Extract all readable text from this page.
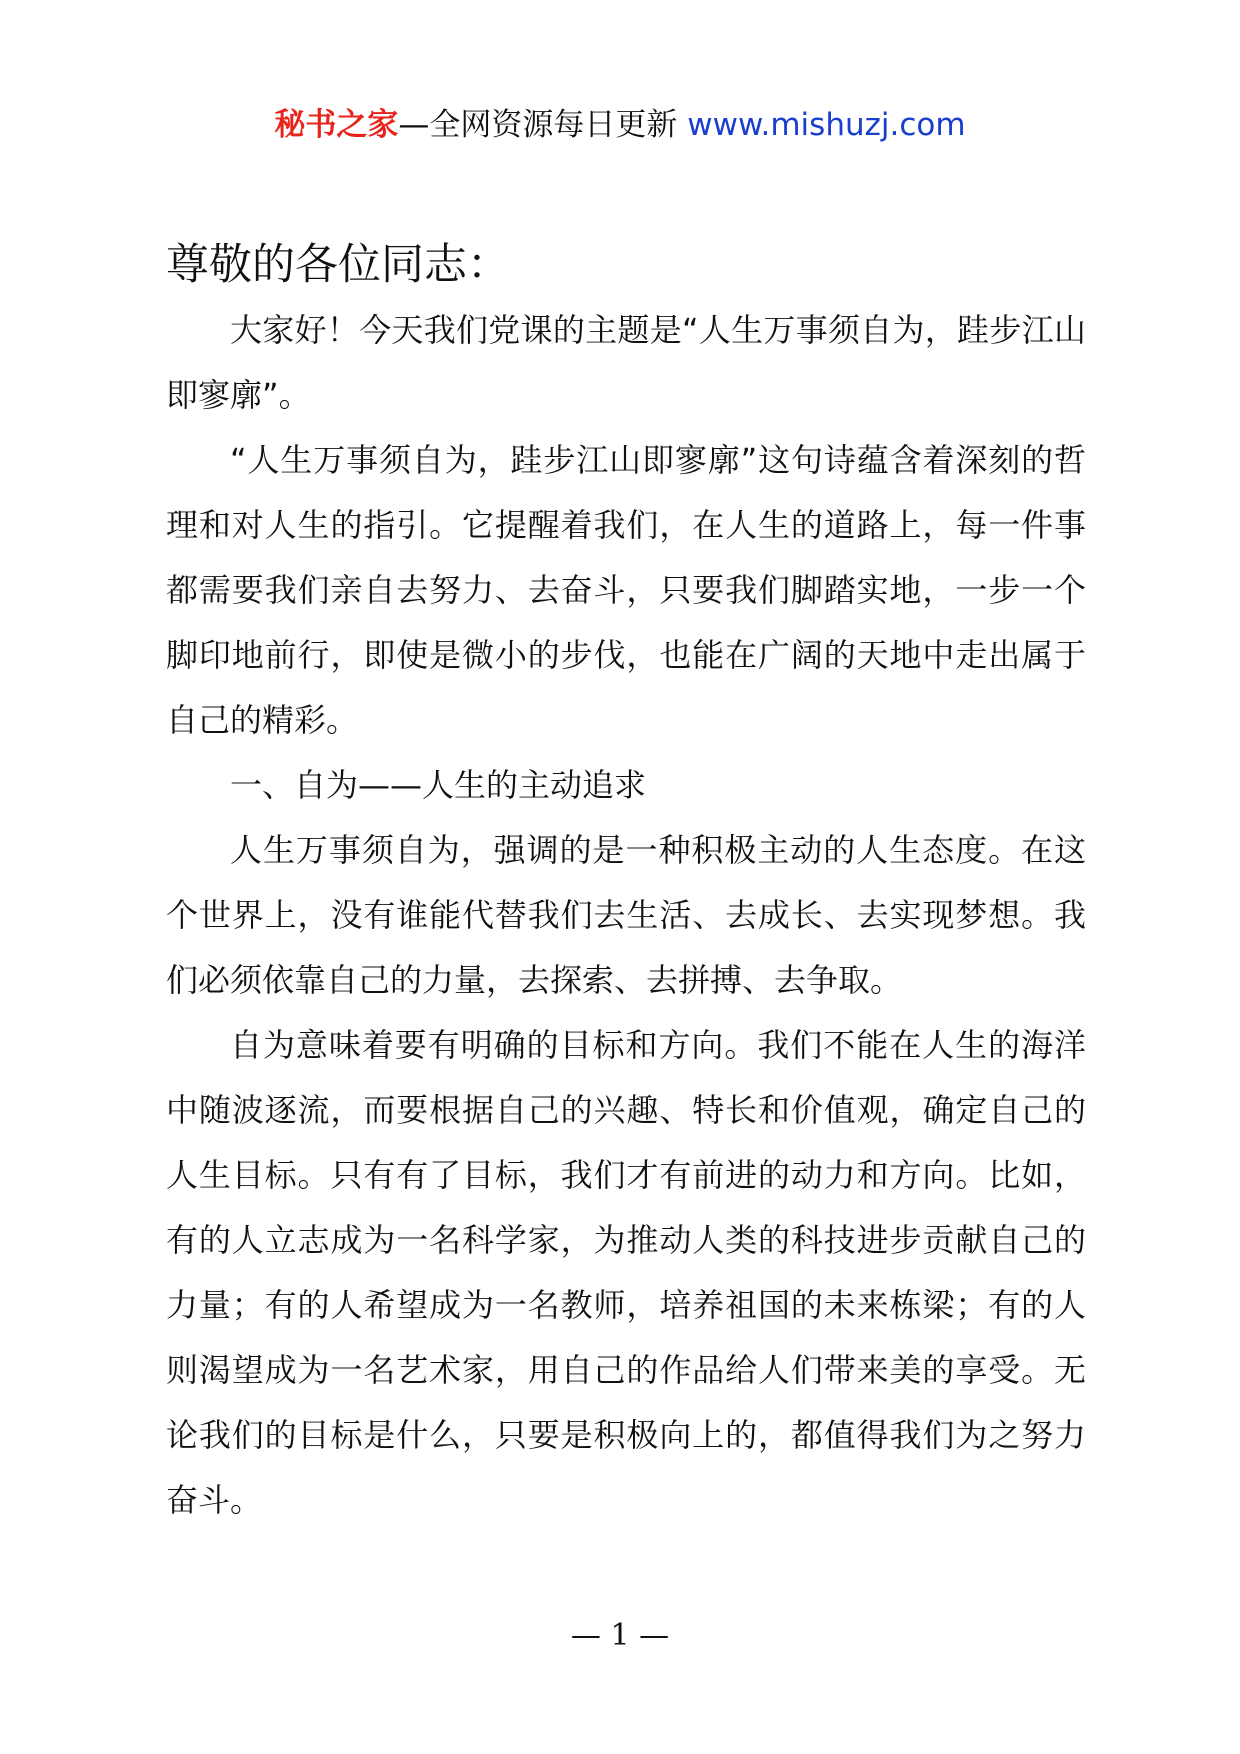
秘书之家—全网资源每日更新 www.mishuzj.com
尊敬的各位同志：

大家好！今天我们党课的主题是“人生万事须自为，跬步江山即寥廓”。

“人生万事须自为，跬步江山即寥廓”这句诗蕴含着深刻的哲理和对人生的指引。它提醒着我们，在人生的道路上，每一件事都需要我们亲自去努力、去奋斗，只要我们脚踏实地，一步一个脚印地前行，即使是微小的步伐，也能在广阔的天地中走出属于自己的精彩。

一、自为——人生的主动追求

人生万事须自为，强调的是一种积极主动的人生态度。在这个世界上，没有谁能代替我们去生活、去成长、去实现梦想。我们必须依靠自己的力量，去探索、去拼搏、去争取。

自为意味着要有明确的目标和方向。我们不能在人生的海洋中随波逐流，而要根据自己的兴趣、特长和价值观，确定自己的人生目标。只有有了目标，我们才有前进的动力和方向。比如，有的人立志成为一名科学家，为推动人类的科技进步贡献自己的力量；有的人希望成为一名教师，培养祖国的未来栋梁；有的人则渴望成为一名艺术家，用自己的作品给人们带来美的享受。无论我们的目标是什么，只要是积极向上的，都值得我们为之努力奋斗。

— 1 —
